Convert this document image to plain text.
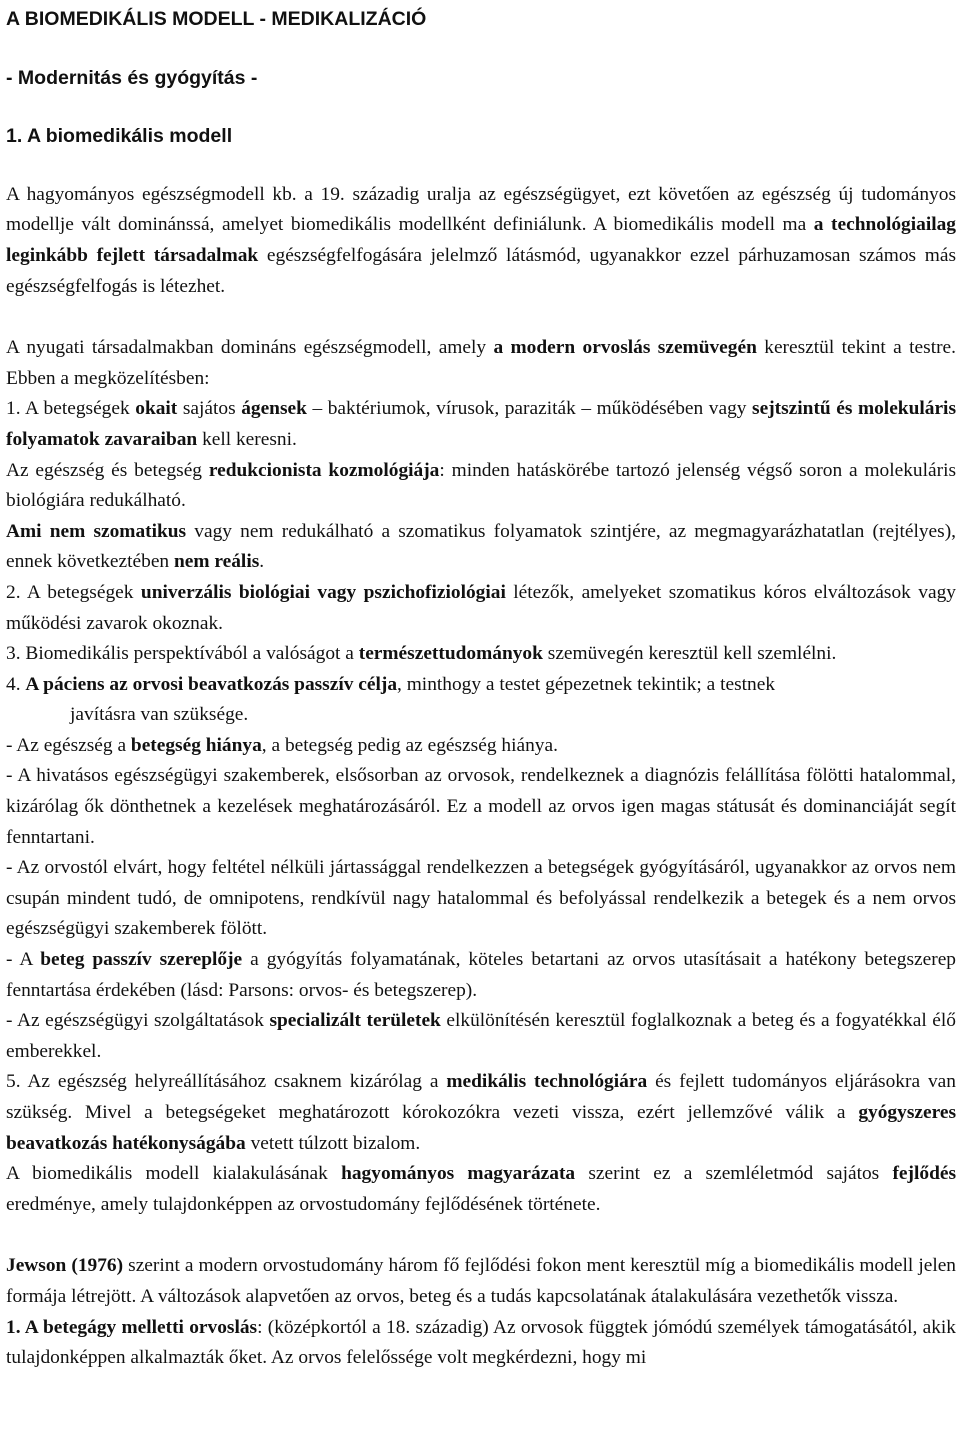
A BIOMEDIKÁLIS MODELL - MEDIKALIZÁCIÓ

- Modernitás és gyógyítás -

1. A biomedikális modell

A hagyományos egészségmodell kb. a 19. századig uralja az egészségügyet, ezt követően az egészség új tudományos modellje vált dominánssá, amelyet biomedikális modellként definiálunk. A biomedikális modell ma a technológiailag leginkább fejlett társadalmak egészségfelfogására jelelmző látásmód, ugyanakkor ezzel párhuzamosan számos más egészségfelfogás is létezhet.

A nyugati társadalmakban domináns egészségmodell, amely a modern orvoslás szemüvegén keresztül tekint a testre. Ebben a megközelítésben:

1. A betegségek okait sajátos ágensek – baktériumok, vírusok, paraziták – működésében vagy sejtszintű és molekuláris folyamatok zavaraiban kell keresni.

Az egészség és betegség redukcionista kozmológiája: minden hatáskörébe tartozó jelenség végső soron a molekuláris biológiára redukálható.

Ami nem szomatikus vagy nem redukálható a szomatikus folyamatok szintjére, az megmagyarázhatatlan (rejtélyes), ennek következtében nem reális.

2. A betegségek univerzális biológiai vagy pszichofiziológiai létezők, amelyeket szomatikus kóros elváltozások vagy működési zavarok okoznak.

3. Biomedikális perspektívából a valóságot a természettudományok szemüvegén keresztül kell szemlélni.

4. A páciens az orvosi beavatkozás passzív célja, minthogy a testet gépezetnek tekintik; a testnek

javításra van szüksége.

- Az egészség a betegség hiánya, a betegség pedig az egészség hiánya.

- A hivatásos egészségügyi szakemberek, elsősorban az orvosok, rendelkeznek a diagnózis felállítása fölötti hatalommal, kizárólag ők dönthetnek a kezelések meghatározásáról. Ez a modell az orvos igen magas státusát és dominanciáját segít fenntartani.

- Az orvostól elvárt, hogy feltétel nélküli jártassággal rendelkezzen a betegségek gyógyításáról, ugyanakkor az orvos nem csupán mindent tudó, de omnipotens, rendkívül nagy hatalommal és befolyással rendelkezik a betegek és a nem orvos egészségügyi szakemberek fölött.

- A beteg passzív szereplője a gyógyítás folyamatának, köteles betartani az orvos utasításait a hatékony betegszerep fenntartása érdekében (lásd: Parsons: orvos- és betegszerep).

- Az egészségügyi szolgáltatások specializált területek elkülönítésén keresztül foglalkoznak a beteg és a fogyatékkal élő emberekkel.

5. Az egészség helyreállításához csaknem kizárólag a medikális technológiára és fejlett tudományos eljárásokra van szükség. Mivel a betegségeket meghatározott kórokozókra vezeti vissza, ezért jellemzővé válik a gyógyszeres beavatkozás hatékonyságába vetett túlzott bizalom.

A biomedikális modell kialakulásának hagyományos magyarázata szerint ez a szemléletmód sajátos fejlődés eredménye, amely tulajdonképpen az orvostudomány fejlődésének története.

Jewson (1976) szerint a modern orvostudomány három fő fejlődési fokon ment keresztül míg a biomedikális modell jelen formája létrejött. A változások alapvetően az orvos, beteg és a tudás kapcsolatának átalakulására vezethetők vissza.

1. A betegágy melletti orvoslás: (középkortól a 18. századig) Az orvosok függtek jómódú személyek támogatásától, akik tulajdonképpen alkalmazták őket. Az orvos felelőssége volt megkérdezni, hogy mi
